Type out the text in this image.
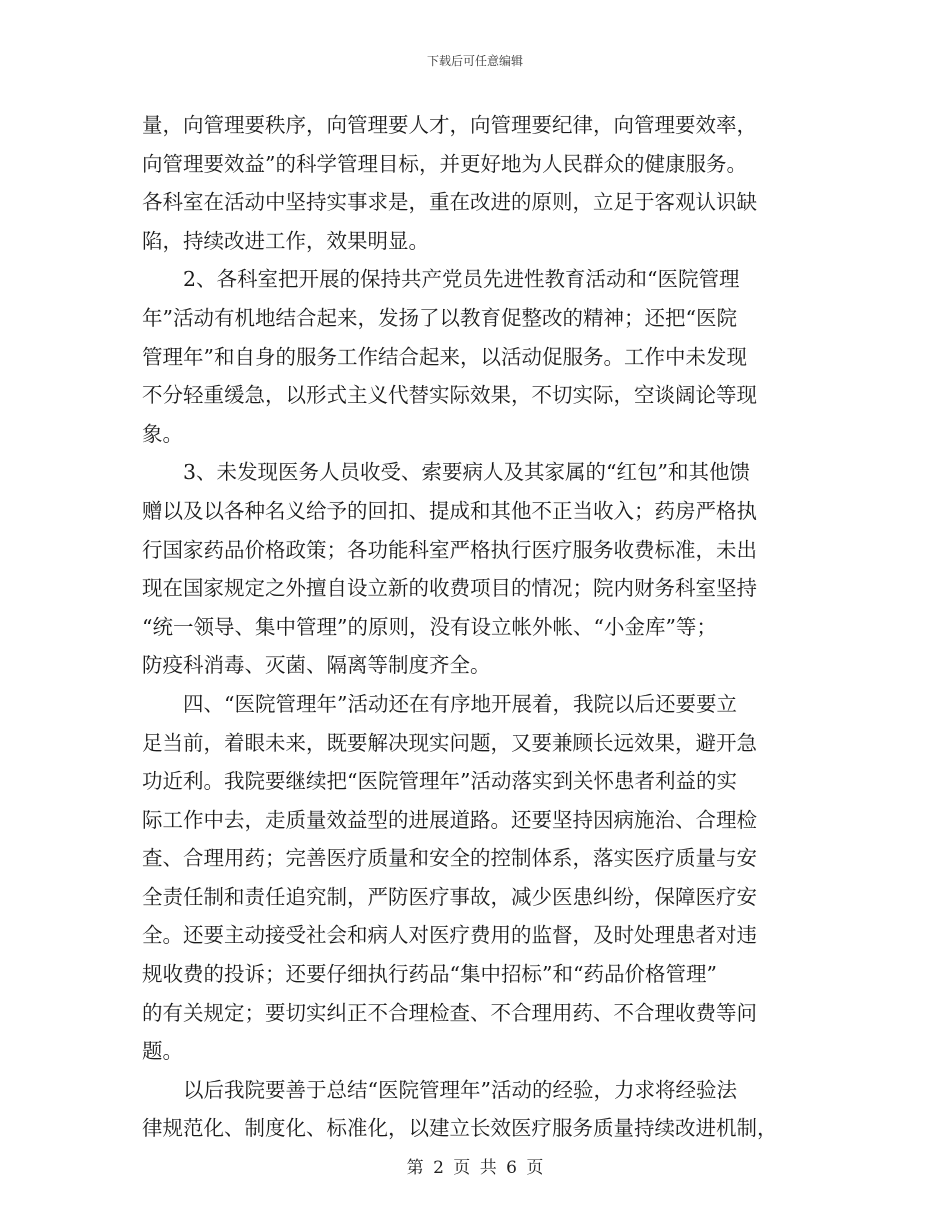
下载后可任意编辑
量，向管理要秩序，向管理要人才，向管理要纪律，向管理要效率，
向管理要效益”的科学管理目标，并更好地为人民群众的健康服务。
各科室在活动中坚持实事求是，重在改进的原则，立足于客观认识缺
陷，持续改进工作，效果明显。
　　2、各科室把开展的保持共产党员先进性教育活动和“医院管理
年”活动有机地结合起来，发扬了以教育促整改的精神；还把“医院
管理年”和自身的服务工作结合起来，以活动促服务。工作中未发现
不分轻重缓急，以形式主义代替实际效果，不切实际，空谈阔论等现
象。
　　3、未发现医务人员收受、索要病人及其家属的“红包”和其他馈
赠以及以各种名义给予的回扣、提成和其他不正当收入；药房严格执
行国家药品价格政策；各功能科室严格执行医疗服务收费标准，未出
现在国家规定之外擅自设立新的收费项目的情况；院内财务科室坚持
“统一领导、集中管理”的原则，没有设立帐外帐、“小金库”等；
防疫科消毒、灭菌、隔离等制度齐全。
　　四、“医院管理年”活动还在有序地开展着，我院以后还要要立
足当前，着眼未来，既要解决现实问题，又要兼顾长远效果，避开急
功近利。我院要继续把“医院管理年”活动落实到关怀患者利益的实
际工作中去，走质量效益型的进展道路。还要坚持因病施治、合理检
查、合理用药；完善医疗质量和安全的控制体系，落实医疗质量与安
全责任制和责任追究制，严防医疗事故，减少医患纠纷，保障医疗安
全。还要主动接受社会和病人对医疗费用的监督，及时处理患者对违
规收费的投诉；还要仔细执行药品“集中招标”和“药品价格管理”
的有关规定；要切实纠正不合理检查、不合理用药、不合理收费等问
题。
　　以后我院要善于总结“医院管理年”活动的经验，力求将经验法
律规范化、制度化、标准化，以建立长效医疗服务质量持续改进机制，
第 2 页 共 6 页
